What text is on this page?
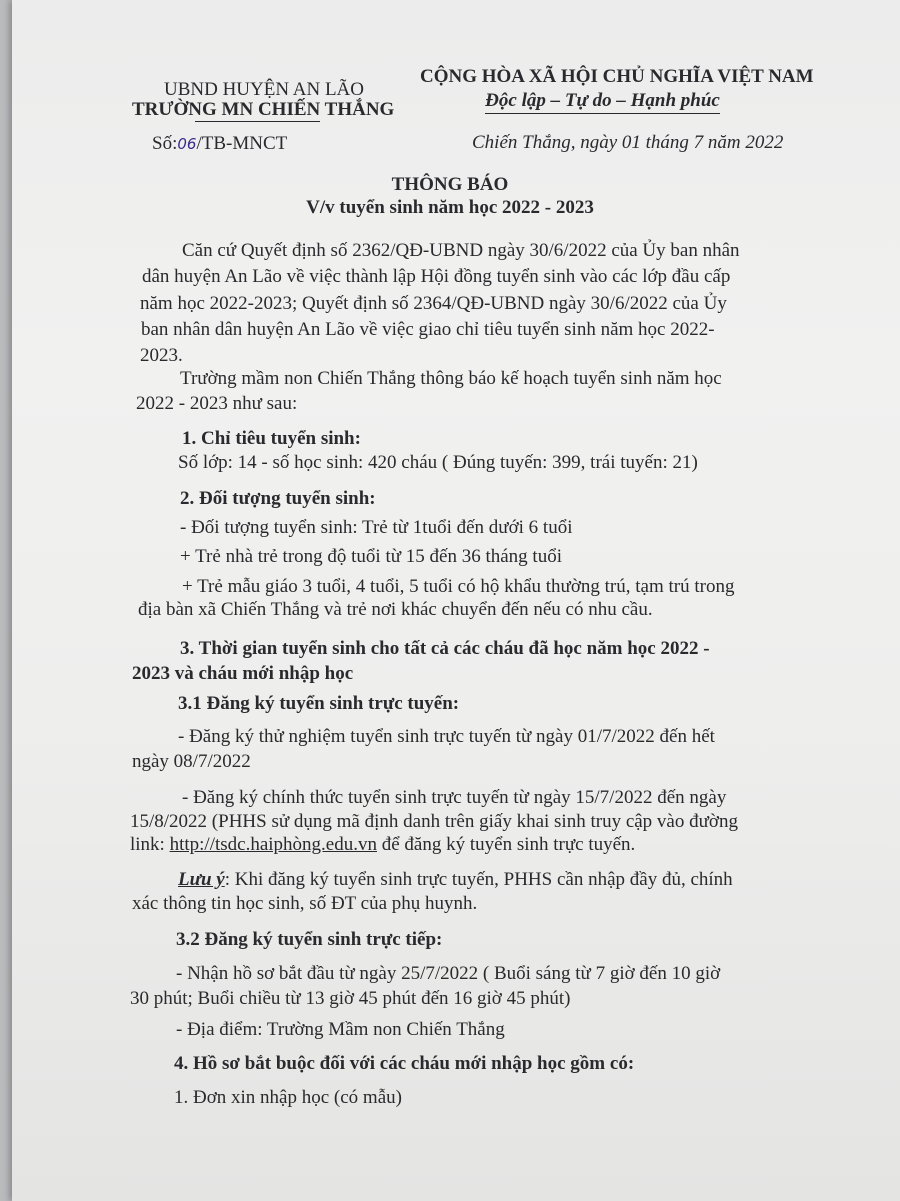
UBND HUYỆN AN LÃO
TRƯỜNG MN CHIẾN THẮNG
CỘNG HÒA XÃ HỘI CHỦ NGHĨA VIỆT NAM
Độc lập – Tự do – Hạnh phúc
Số:06/TB-MNCT	Chiến Thắng, ngày 01 tháng 7 năm 2022
THÔNG BÁO
V/v tuyển sinh năm học 2022 - 2023
Căn cứ Quyết định số 2362/QĐ-UBND ngày 30/6/2022 của Ủy ban nhân
dân huyện An Lão về việc thành lập Hội đồng tuyển sinh vào các lớp đầu cấp
năm học 2022-2023; Quyết định số 2364/QĐ-UBND ngày 30/6/2022 của Ủy
ban nhân dân huyện An Lão về việc giao chỉ tiêu tuyển sinh năm học 2022-
2023.
Trường mầm non Chiến Thắng thông báo kế hoạch tuyển sinh năm học
2022 - 2023 như sau:
1. Chỉ tiêu tuyển sinh:
Số lớp: 14 - số học sinh: 420 cháu ( Đúng tuyến: 399, trái tuyến: 21)
2. Đối tượng tuyển sinh:
- Đối tượng tuyển sinh: Trẻ từ 1tuổi đến dưới 6 tuổi
+ Trẻ nhà trẻ trong độ tuổi từ 15 đến 36 tháng tuổi
+ Trẻ mẫu giáo 3 tuổi, 4 tuổi, 5 tuổi có hộ khẩu thường trú, tạm trú trong
địa bàn xã Chiến Thắng và trẻ nơi khác chuyển đến nếu có nhu cầu.
3. Thời gian tuyển sinh cho tất cả các cháu đã học năm học 2022 -
2023 và cháu mới nhập học
3.1 Đăng ký tuyển sinh trực tuyến:
- Đăng ký thử nghiệm tuyển sinh trực tuyến từ ngày 01/7/2022 đến hết
ngày 08/7/2022
- Đăng ký chính thức tuyển sinh trực tuyến từ ngày 15/7/2022 đến ngày
15/8/2022 (PHHS sử dụng mã định danh trên giấy khai sinh truy cập vào đường
link: http://tsdc.haiphòng.edu.vn để đăng ký tuyển sinh trực tuyến.
Lưu ý: Khi đăng ký tuyển sinh trực tuyến, PHHS cần nhập đầy đủ, chính
xác thông tin học sinh, số ĐT của phụ huynh.
3.2 Đăng ký tuyển sinh trực tiếp:
- Nhận hồ sơ bắt đầu từ ngày 25/7/2022 ( Buổi sáng từ 7 giờ đến 10 giờ
30 phút; Buổi chiều từ 13 giờ 45 phút đến 16 giờ 45 phút)
- Địa điểm: Trường Mầm non Chiến Thắng
4. Hồ sơ bắt buộc đối với các cháu mới nhập học gồm có:
1. Đơn xin nhập học (có mẫu)
